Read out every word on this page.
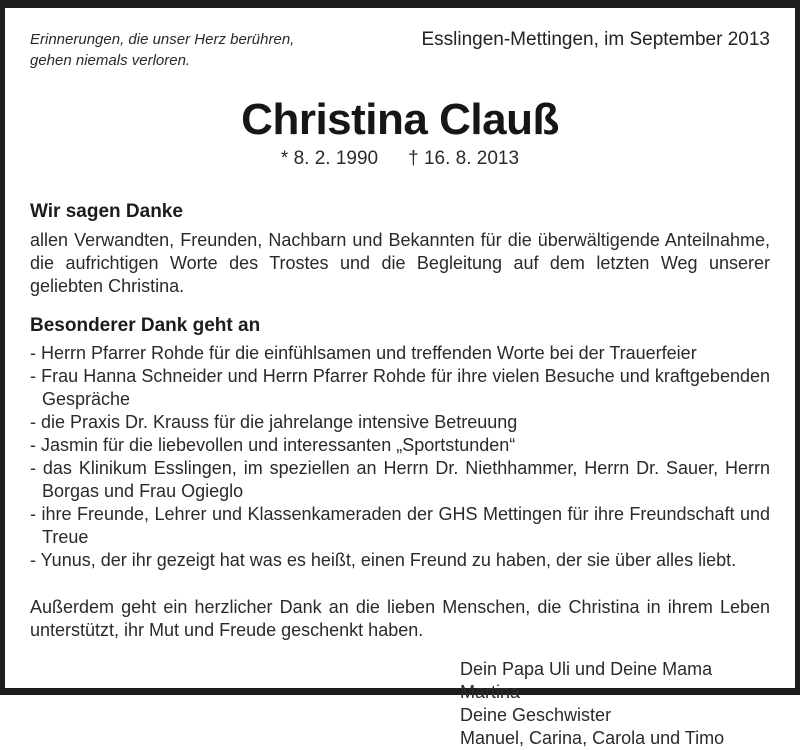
Erinnerungen, die unser Herz berühren,
gehen niemals verloren.
Esslingen-Mettingen, im September 2013
Christina Clauß
* 8. 2. 1990 † 16. 8. 2013
Wir sagen Danke
allen Verwandten, Freunden, Nachbarn und Bekannten für die überwältigende Anteilnahme, die aufrichtigen Worte des Trostes und die Begleitung auf dem letzten Weg unserer geliebten Christina.
Besonderer Dank geht an
- Herrn Pfarrer Rohde für die einfühlsamen und treffenden Worte bei der Trauerfeier
- Frau Hanna Schneider und Herrn Pfarrer Rohde für ihre vielen Besuche und kraftgebenden Gespräche
- die Praxis Dr. Krauss für die jahrelange intensive Betreuung
- Jasmin für die liebevollen und interessanten „Sportstunden“
- das Klinikum Esslingen, im speziellen an Herrn Dr. Niethhammer, Herrn Dr. Sauer, Herrn Borgas und Frau Ogieglo
- ihre Freunde, Lehrer und Klassenkameraden der GHS Mettingen für ihre Freundschaft und Treue
- Yunus, der ihr gezeigt hat was es heißt, einen Freund zu haben, der sie über alles liebt.
Außerdem geht ein herzlicher Dank an die lieben Menschen, die Christina in ihrem Leben unterstützt, ihr Mut und Freude geschenkt haben.
Dein Papa Uli und Deine Mama Martina
Deine Geschwister
Manuel, Carina, Carola und Timo
